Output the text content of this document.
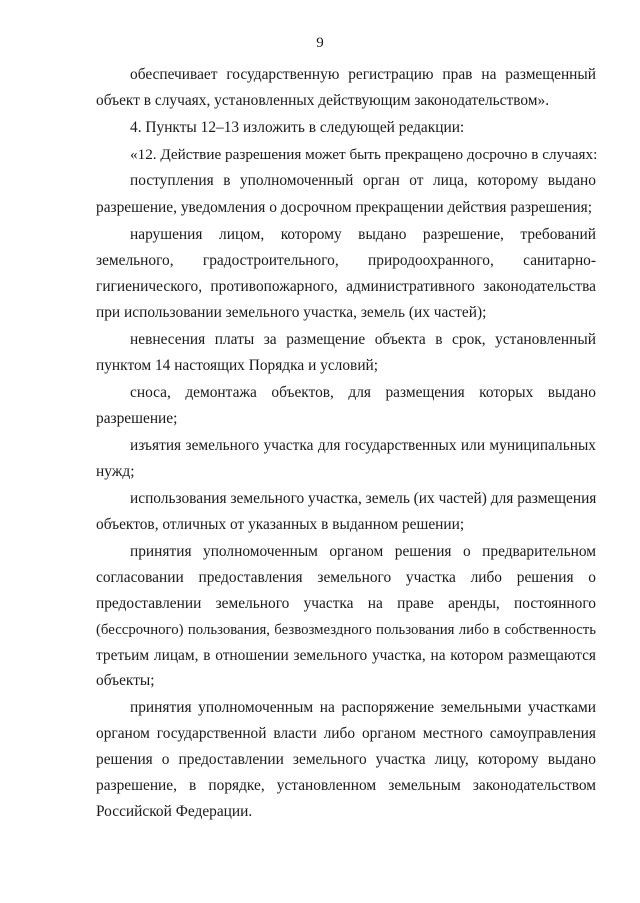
9
обеспечивает государственную регистрацию прав на размещенный
объект в случаях, установленных действующим законодательством».
4. Пункты 12–13 изложить в следующей редакции:
«12. Действие разрешения может быть прекращено досрочно в случаях:
поступления в уполномоченный орган от лица, которому выдано
разрешение, уведомления о досрочном прекращении действия разрешения;
нарушения лицом, которому выдано разрешение, требований
земельного, градостроительного, природоохранного, санитарно-
гигиенического, противопожарного, административного законодательства
при использовании земельного участка, земель (их частей);
невнесения платы за размещение объекта в срок, установленный
пунктом 14 настоящих Порядка и условий;
сноса, демонтажа объектов, для размещения которых выдано
разрешение;
изъятия земельного участка для государственных или муниципальных
нужд;
использования земельного участка, земель (их частей) для размещения
объектов, отличных от указанных в выданном решении;
принятия уполномоченным органом решения о предварительном
согласовании предоставления земельного участка либо решения о
предоставлении земельного участка на праве аренды, постоянного
(бессрочного) пользования, безвозмездного пользования либо в собственность
третьим лицам, в отношении земельного участка, на котором размещаются
объекты;
принятия уполномоченным на распоряжение земельными участками
органом государственной власти либо органом местного самоуправления
решения о предоставлении земельного участка лицу, которому выдано
разрешение, в порядке, установленном земельным законодательством
Российской Федерации.
